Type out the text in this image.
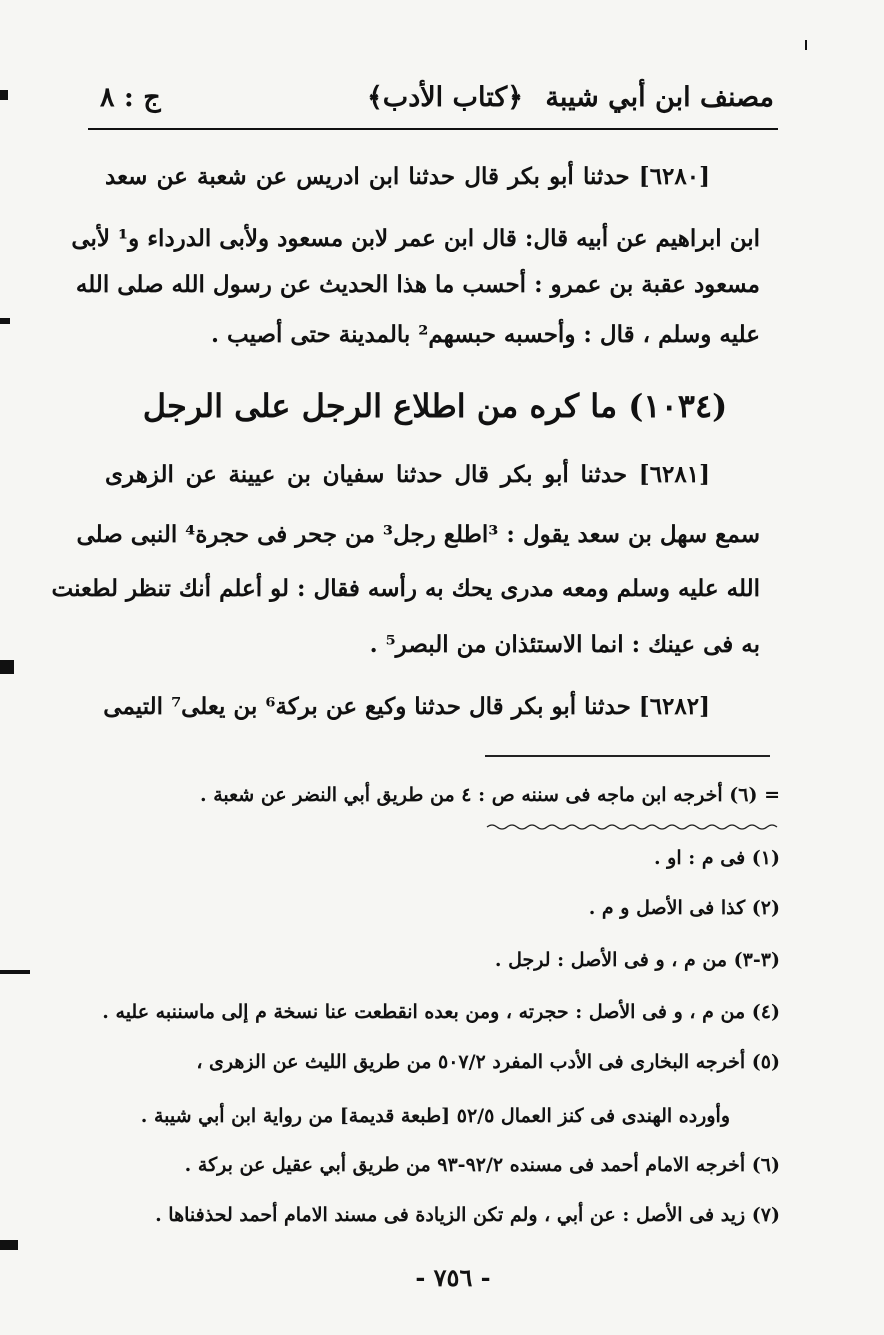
مصنف ابن أبي شيبة
﴿كتاب الأدب﴾
ج : ٨
[٦٢٨٠] حدثنا أبو بكر قال حدثنا ابن ادريس عن شعبة عن سعد
ابن ابراهيم عن أبيه قال: قال ابن عمر لابن مسعود ولأبى الدرداء و¹ لأبى
مسعود عقبة بن عمرو : أحسب ما هذا الحديث عن رسول الله صلى الله
عليه وسلم ، قال : وأحسبه حبسهم² بالمدينة حتى أصيب .
(١٠٣٤) ما كره من اطلاع الرجل على الرجل
[٦٢٨١] حدثنا أبو بكر قال حدثنا سفيان بن عيينة عن الزهرى
سمع سهل بن سعد يقول : ³اطلع رجل³ من جحر فى حجرة⁴ النبى صلى
الله عليه وسلم ومعه مدرى يحك به رأسه فقال : لو أعلم أنك تنظر لطعنت
به فى عينك : انما الاستئذان من البصر⁵ .
[٦٢٨٢] حدثنا أبو بكر قال حدثنا وكيع عن بركة⁶ بن يعلى⁷ التيمى
= (٦) أخرجه ابن ماجه فى سننه ص : ٤ من طريق أبي النضر عن شعبة .
(١) فى م : او .
(٢) كذا فى الأصل و م .
(٣-٣) من م ، و فى الأصل : لرجل .
(٤) من م ، و فى الأصل : حجرته ، ومن بعده انقطعت عنا نسخة م إلى ماسننبه عليه .
(٥) أخرجه البخارى فى الأدب المفرد ٥٠٧/٢ من طريق الليث عن الزهرى ،
وأورده الهندى فى كنز العمال ٥٢/٥ [طبعة قديمة] من رواية ابن أبي شيبة .
(٦) أخرجه الامام أحمد فى مسنده ٩٢/٢-٩٣ من طريق أبي عقيل عن بركة .
(٧) زيد فى الأصل : عن أبي ، ولم تكن الزيادة فى مسند الامام أحمد لحذفناها .
- ٧٥٦ -
